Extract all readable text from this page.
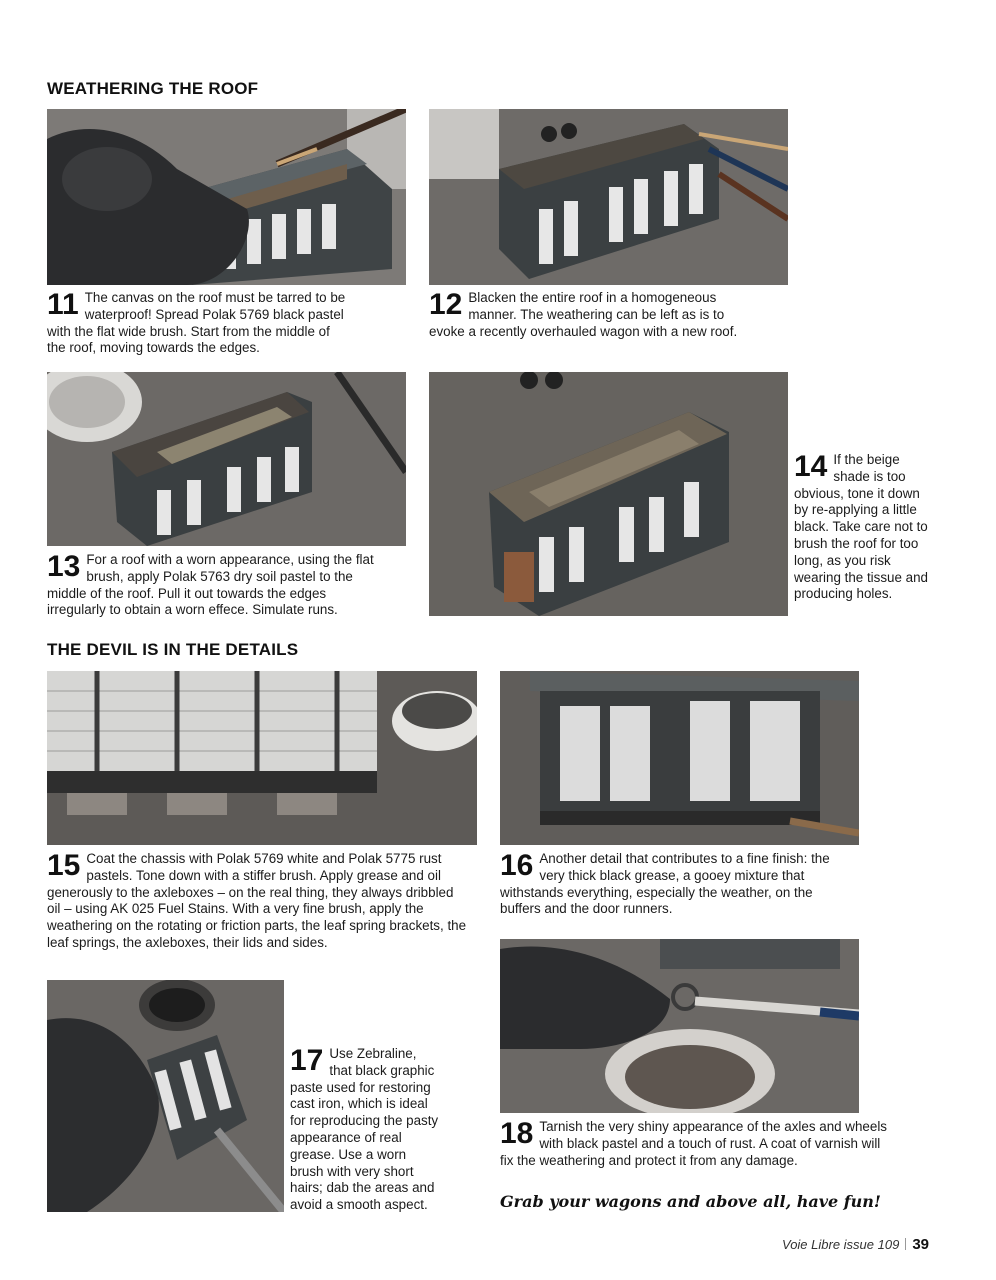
WEATHERING THE ROOF
THE DEVIL IS IN THE DETAILS
11 The canvas on the roof must be tarred to be waterproof! Spread Polak 5769 black pastel with the flat wide brush. Start from the middle of the roof, moving towards the edges.
12 Blacken the entire roof in a homogeneous manner. The weathering can be left as is to evoke a recently overhauled wagon with a new roof.
13 For a roof with a worn appearance, using the flat brush, apply Polak 5763 dry soil pastel to the middle of the roof. Pull it out towards the edges irregularly to obtain a worn effece. Simulate runs.
14 If the beige shade is too obvious, tone it down by re-applying a little black. Take care not to brush the roof for too long, as you risk wearing the tissue and producing holes.
15 Coat the chassis with Polak 5769 white and Polak 5775 rust pastels. Tone down with a stiffer brush. Apply grease and oil generously to the axleboxes – on the real thing, they always dribbled oil – using AK 025 Fuel Stains. With a very fine brush, apply the weathering on the rotating or friction parts, the leaf spring brackets, the leaf springs, the axleboxes, their lids and sides.
16 Another detail that contributes to a fine finish: the very thick black grease, a gooey mixture that withstands everything, especially the weather, on the buffers and the door runners.
17 Use Zebraline, that black graphic paste used for restoring cast iron, which is ideal for reproducing the pasty appearance of real grease. Use a worn brush with very short hairs; dab the areas and avoid a smooth aspect.
18 Tarnish the very shiny appearance of the axles and wheels with black pastel and a touch of rust. A coat of varnish will fix the weathering and protect it from any damage.
Grab your wagons and above all, have fun!
Voie Libre issue 109 39
